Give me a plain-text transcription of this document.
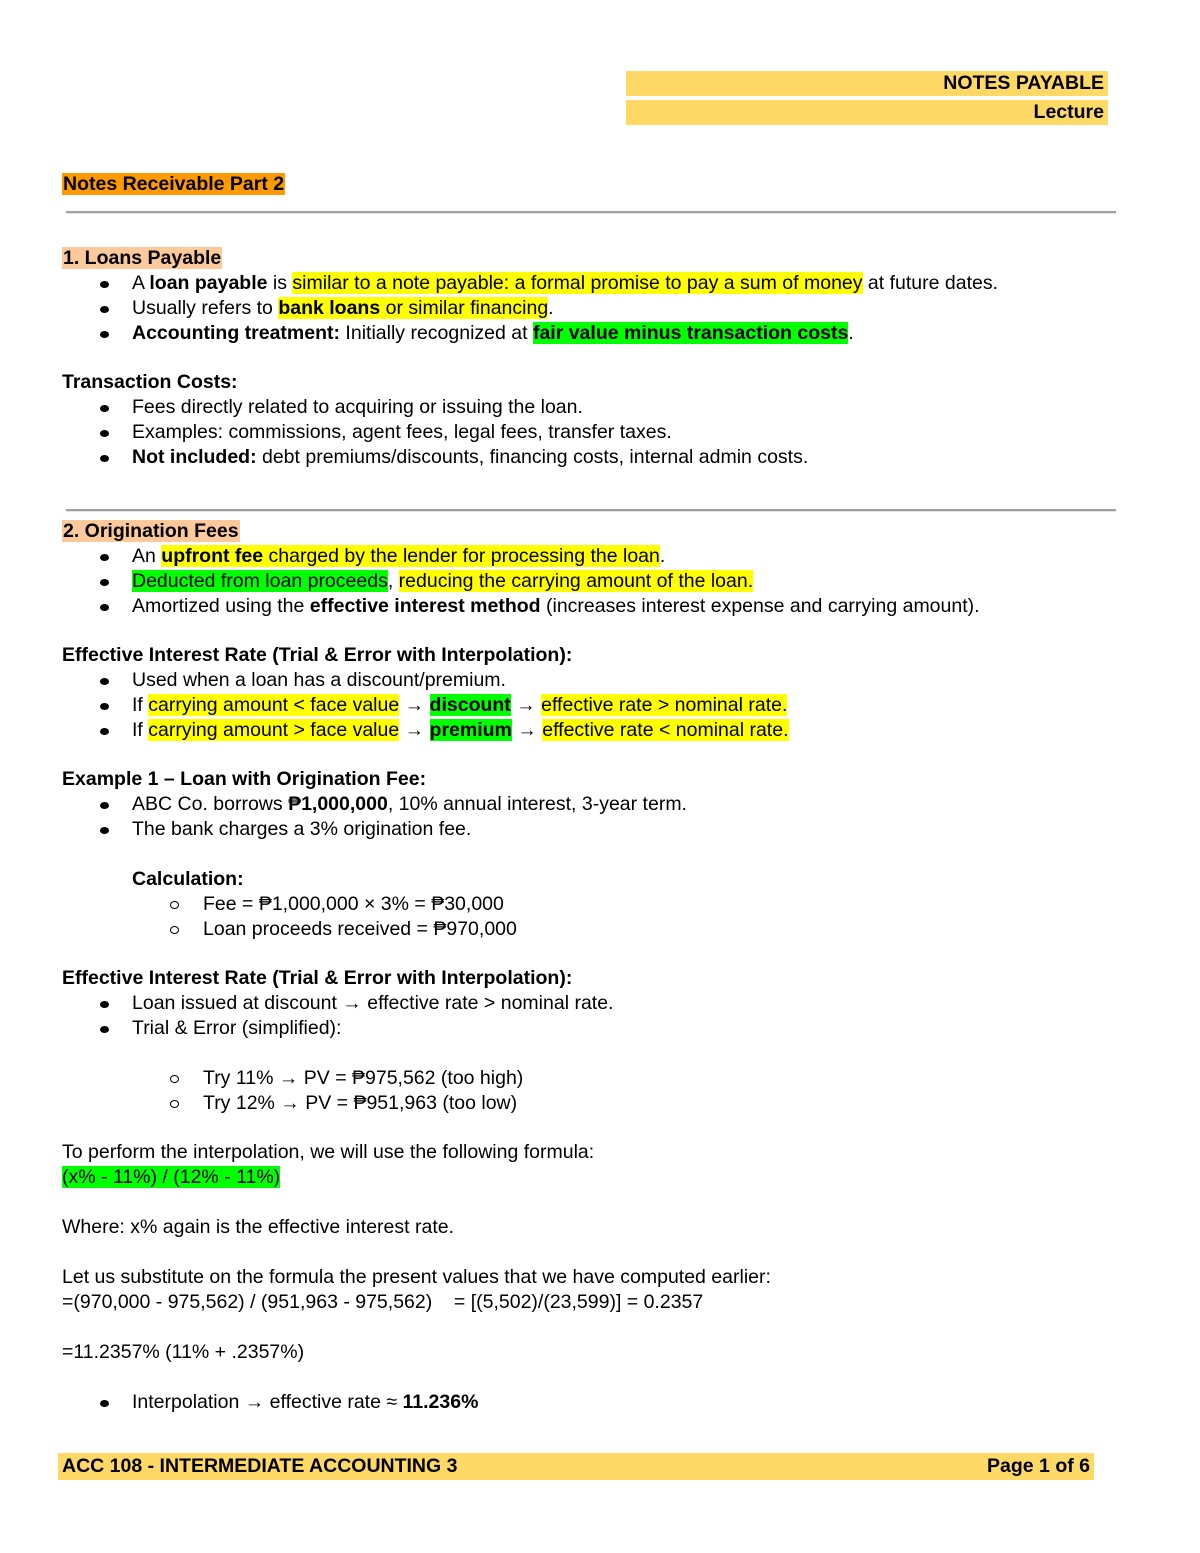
NOTES PAYABLE
Lecture
Notes Receivable Part 2
1. Loans Payable
A loan payable is similar to a note payable: a formal promise to pay a sum of money at future dates.
Usually refers to bank loans or similar financing.
Accounting treatment: Initially recognized at fair value minus transaction costs.
Transaction Costs:
Fees directly related to acquiring or issuing the loan.
Examples: commissions, agent fees, legal fees, transfer taxes.
Not included: debt premiums/discounts, financing costs, internal admin costs.
2. Origination Fees
An upfront fee charged by the lender for processing the loan.
Deducted from loan proceeds, reducing the carrying amount of the loan.
Amortized using the effective interest method (increases interest expense and carrying amount).
Effective Interest Rate (Trial & Error with Interpolation):
Used when a loan has a discount/premium.
If carrying amount < face value → discount → effective rate > nominal rate.
If carrying amount > face value → premium → effective rate < nominal rate.
Example 1 – Loan with Origination Fee:
ABC Co. borrows ₱1,000,000, 10% annual interest, 3-year term.
The bank charges a 3% origination fee.
Calculation:
Fee = ₱1,000,000 × 3% = ₱30,000
Loan proceeds received = ₱970,000
Effective Interest Rate (Trial & Error with Interpolation):
Loan issued at discount → effective rate > nominal rate.
Trial & Error (simplified):
Try 11% → PV = ₱975,562 (too high)
Try 12% → PV = ₱951,963 (too low)
To perform the interpolation, we will use the following formula:
(x% - 11%) / (12% - 11%)
Where: x% again is the effective interest rate.
Let us substitute on the formula the present values that we have computed earlier:
=(970,000 - 975,562) / (951,963 - 975,562)    = [(5,502)/(23,599)] = 0.2357
=11.2357% (11% + .2357%)
Interpolation → effective rate ≈ 11.236%
ACC 108 - INTERMEDIATE ACCOUNTING 3	Page 1 of 6
